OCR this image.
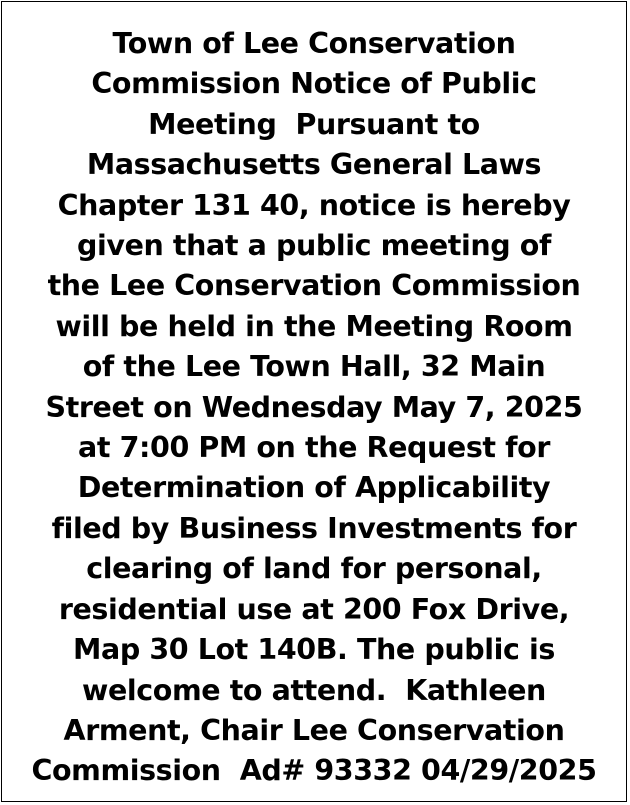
Town of Lee Conservation
Commission Notice of Public
Meeting  Pursuant to
Massachusetts General Laws
Chapter 131 40, notice is hereby
given that a public meeting of
the Lee Conservation Commission
will be held in the Meeting Room
of the Lee Town Hall, 32 Main
Street on Wednesday May 7, 2025
at 7:00 PM on the Request for
Determination of Applicability
filed by Business Investments for
clearing of land for personal,
residential use at 200 Fox Drive,
Map 30 Lot 140B. The public is
welcome to attend.  Kathleen
Arment, Chair Lee Conservation
Commission  Ad# 93332 04/29/2025
